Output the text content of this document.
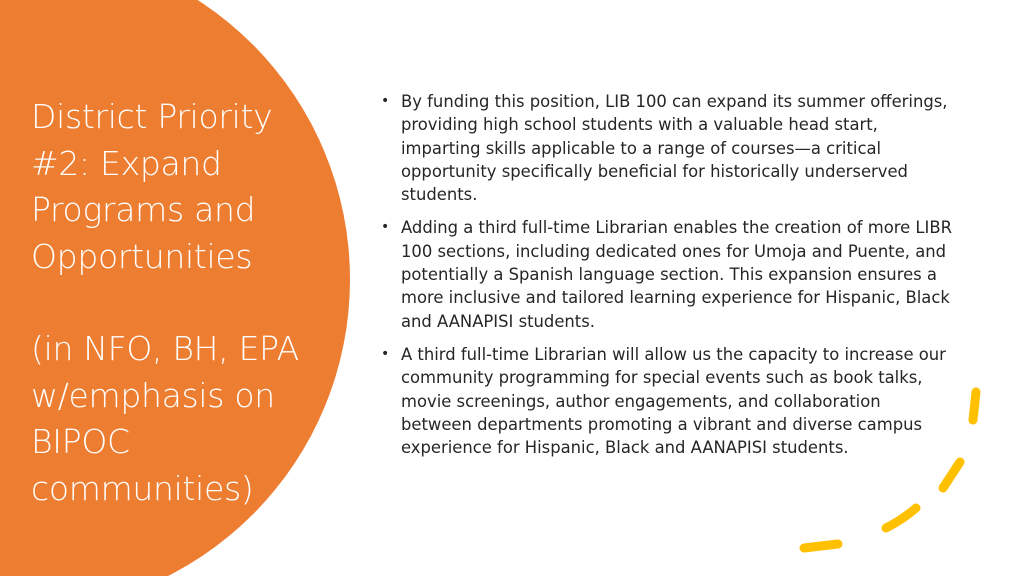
District Priority
#2: Expand
Programs and
Opportunities
(in NFO, BH, EPA
w/emphasis on
BIPOC
communities)
• By funding this position, LIB 100 can expand its summer offerings, providing high school students with a valuable head start, imparting skills applicable to a range of courses—a critical opportunity specifically beneficial for historically underserved students.
• Adding a third full-time Librarian enables the creation of more LIBR 100 sections, including dedicated ones for Umoja and Puente, and potentially a Spanish language section. This expansion ensures a more inclusive and tailored learning experience for Hispanic, Black and AANAPISI students.
• A third full-time Librarian will allow us the capacity to increase our community programming for special events such as book talks, movie screenings, author engagements, and collaboration between departments promoting a vibrant and diverse campus experience for Hispanic, Black and AANAPISI students.
